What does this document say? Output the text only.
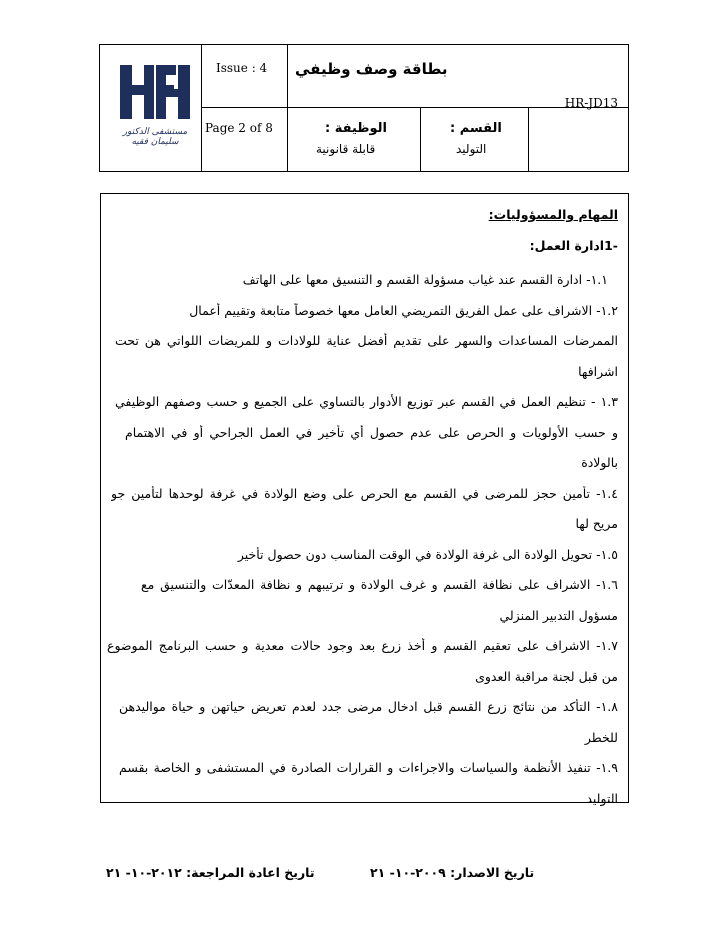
مستشفى الدكتور سليمان فقيه
Issue : 4
Page 2 of 8
بطاقة وصف وظيفي
HR-JD13
الوظيفة :
قابلة قانونية
القسم :
التوليد
المهام والمسؤوليات:
-1ادارة العمل:
١.١- ادارة القسم عند غياب مسؤولة القسم و التنسيق معها على الهاتف
١.٢- الاشراف على عمل الفريق التمريضي العامل معها خصوصاً متابعة وتقييم أعمال
الممرضات المساعدات والسهر على تقديم أفضل عناية للولادات و للمريضات اللواتي هن تحت
اشرافها
١.٣ - تنظيم العمل في القسم عبر توزيع الأدوار بالتساوي على الجميع و حسب وصفهم الوظيفي
و حسب الأولويات و الحرص على عدم حصول أي تأخير في العمل الجراحي أو في الاهتمام
بالولادة
١.٤- تأمين حجز للمرضى في القسم مع الحرص على وضع الولادة في غرفة لوحدها لتأمين جو
مريح لها
١.٥- تحويل الولادة الى غرفة الولادة في الوقت المناسب دون حصول تأخير
١.٦- الاشراف على نظافة القسم و غرف الولادة و ترتيبهم و نظافة المعدّات والتنسيق مع
مسؤول التدبير المنزلي
١.٧- الاشراف على تعقيم القسم و أخذ زرع بعد وجود حالات معدية و حسب البرنامج الموضوع
من قبل لجنة مراقبة العدوى
١.٨- التأكد من نتائج زرع القسم قبل ادخال مرضى جدد لعدم تعريض حياتهن و حياة مواليدهن
للخطر
١.٩- تنفيذ الأنظمة والسياسات والاجراءات و القرارات الصادرة في المستشفى و الخاصة بقسم
التوليد
تاريخ الاصدار: ٢٠٠٩-١٠- ٢١
تاريخ اعادة المراجعة: ٢٠١٢-١٠- ٢١
